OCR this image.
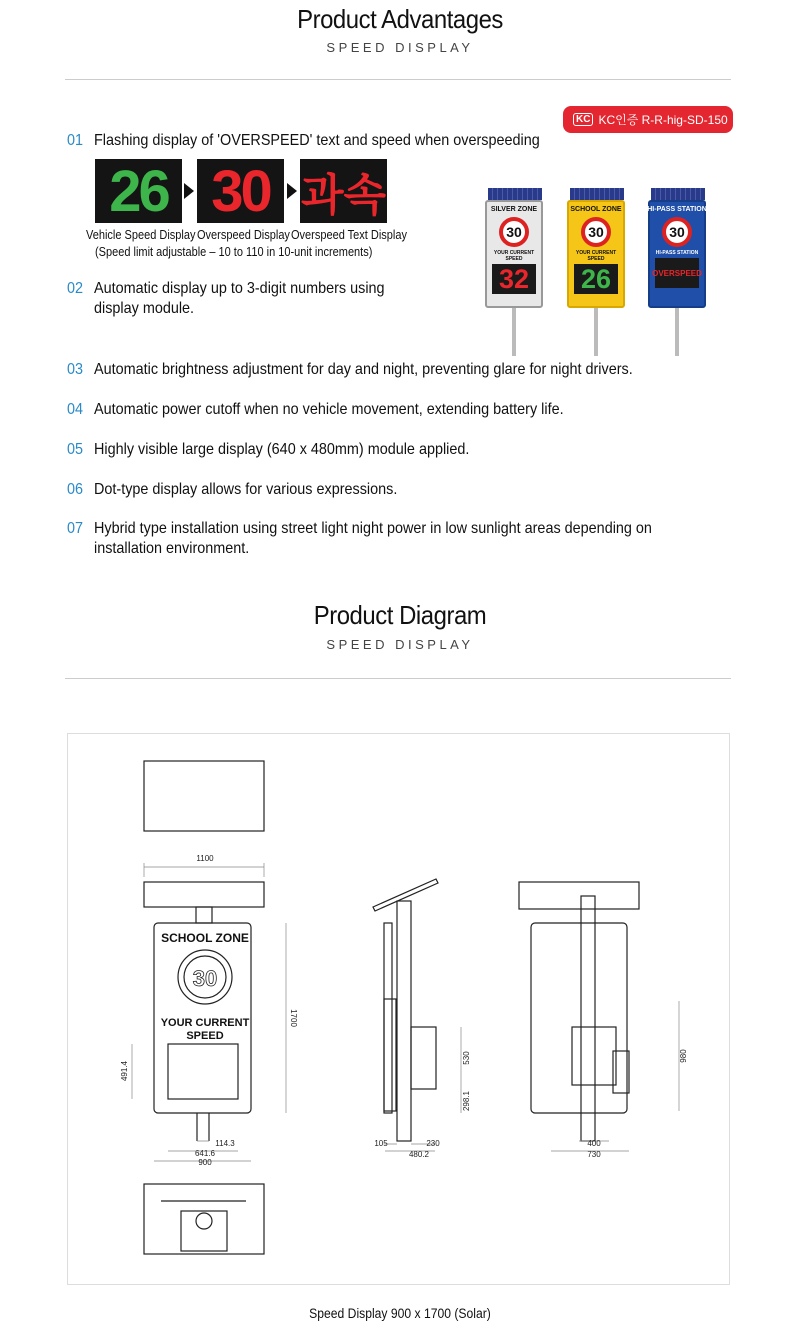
Product Advantages
SPEED DISPLAY
KC KC인증 R-R-hig-SD-150
01 Flashing display of 'OVERSPEED' text and speed when overspeeding
26 30 과속
Vehicle Speed Display Overspeed Display Overspeed Text Display
(Speed limit adjustable – 10 to 110 in 10-unit increments)
02 Automatic display up to 3-digit numbers using
display module.
SILVER ZONE
30
YOUR CURRENT SPEED
32
SCHOOL ZONE
30
YOUR CURRENT SPEED
26
HI-PASS STATION
30
HI-PASS STATION
OVERSPEED
03 Automatic brightness adjustment for day and night, preventing glare for night drivers.
04 Automatic power cutoff when no vehicle movement, extending battery life.
05 Highly visible large display (640 x 480mm) module applied.
06 Dot-type display allows for various expressions.
07 Hybrid type installation using street light night power in low sunlight areas depending on
installation environment.
Product Diagram
SPEED DISPLAY
1100
1700
491.4
114.3
641.6
900
105	230
480.2
530
298.1
400
730
980
SCHOOL ZONE
30
YOUR CURRENT
SPEED
Speed Display 900 x 1700 (Solar)
